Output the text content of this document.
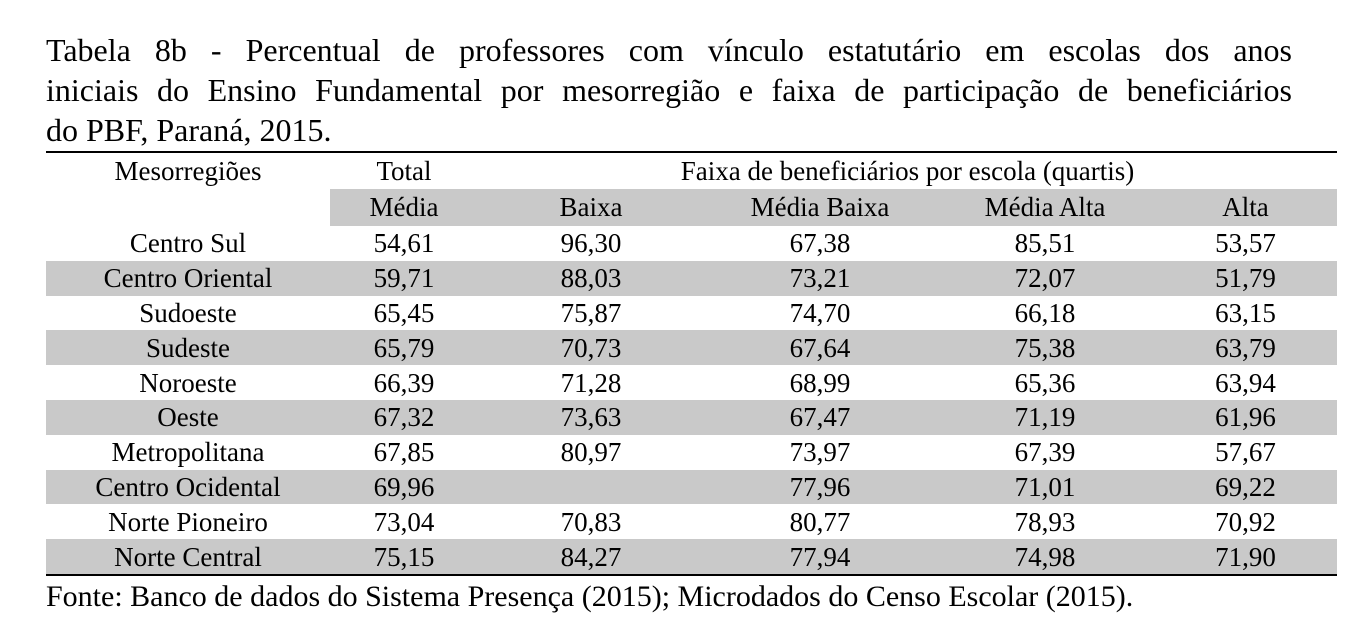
Tabela 8b - Percentual de professores com vínculo estatutário em escolas dos anos
iniciais do Ensino Fundamental por mesorregião e faixa de participação de beneficiários
do PBF, Paraná, 2015.
Mesorregiões	Total	Faixa de beneficiários por escola (quartis)			
	Média	Baixa	Média Baixa	Média Alta	Alta
Centro Sul	54,61	96,30	67,38	85,51	53,57
Centro Oriental	59,71	88,03	73,21	72,07	51,79
Sudoeste	65,45	75,87	74,70	66,18	63,15
Sudeste	65,79	70,73	67,64	75,38	63,79
Noroeste	66,39	71,28	68,99	65,36	63,94
Oeste	67,32	73,63	67,47	71,19	61,96
Metropolitana	67,85	80,97	73,97	67,39	57,67
Centro Ocidental	69,96		77,96	71,01	69,22
Norte Pioneiro	73,04	70,83	80,77	78,93	70,92
Norte Central	75,15	84,27	77,94	74,98	71,90

Fonte: Banco de dados do Sistema Presença (2015); Microdados do Censo Escolar (2015).
